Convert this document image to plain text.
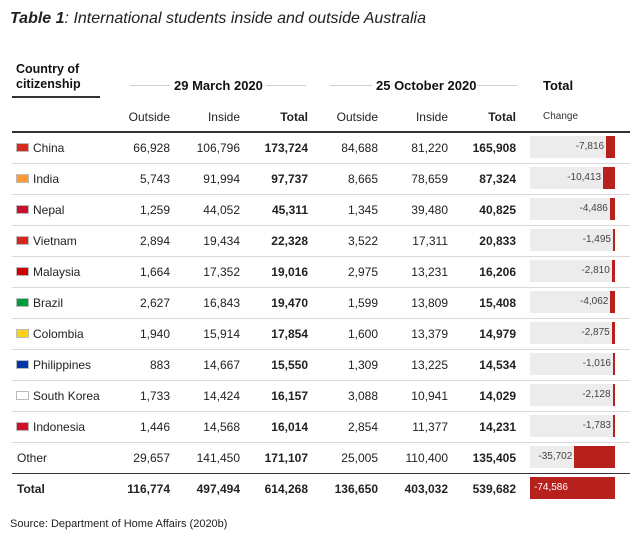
Table 1: International students inside and outside Australia
Country of
citizenship	29 March 2020	25 October 2020	Total
Outside	Inside	Total	Outside	Inside	Total	Change
China	66,928	106,796	173,724	84,688	81,220	165,908	-7,816
India	5,743	91,994	97,737	8,665	78,659	87,324	-10,413
Nepal	1,259	44,052	45,311	1,345	39,480	40,825	-4,486
Vietnam	2,894	19,434	22,328	3,522	17,311	20,833	-1,495
Malaysia	1,664	17,352	19,016	2,975	13,231	16,206	-2,810
Brazil	2,627	16,843	19,470	1,599	13,809	15,408	-4,062
Colombia	1,940	15,914	17,854	1,600	13,379	14,979	-2,875
Philippines	883	14,667	15,550	1,309	13,225	14,534	-1,016
South Korea	1,733	14,424	16,157	3,088	10,941	14,029	-2,128
Indonesia	1,446	14,568	16,014	2,854	11,377	14,231	-1,783
Other	29,657	141,450	171,107	25,005	110,400	135,405	-35,702
Total	116,774	497,494	614,268	136,650	403,032	539,682 -74,586
Source: Department of Home Affairs (2020b)
